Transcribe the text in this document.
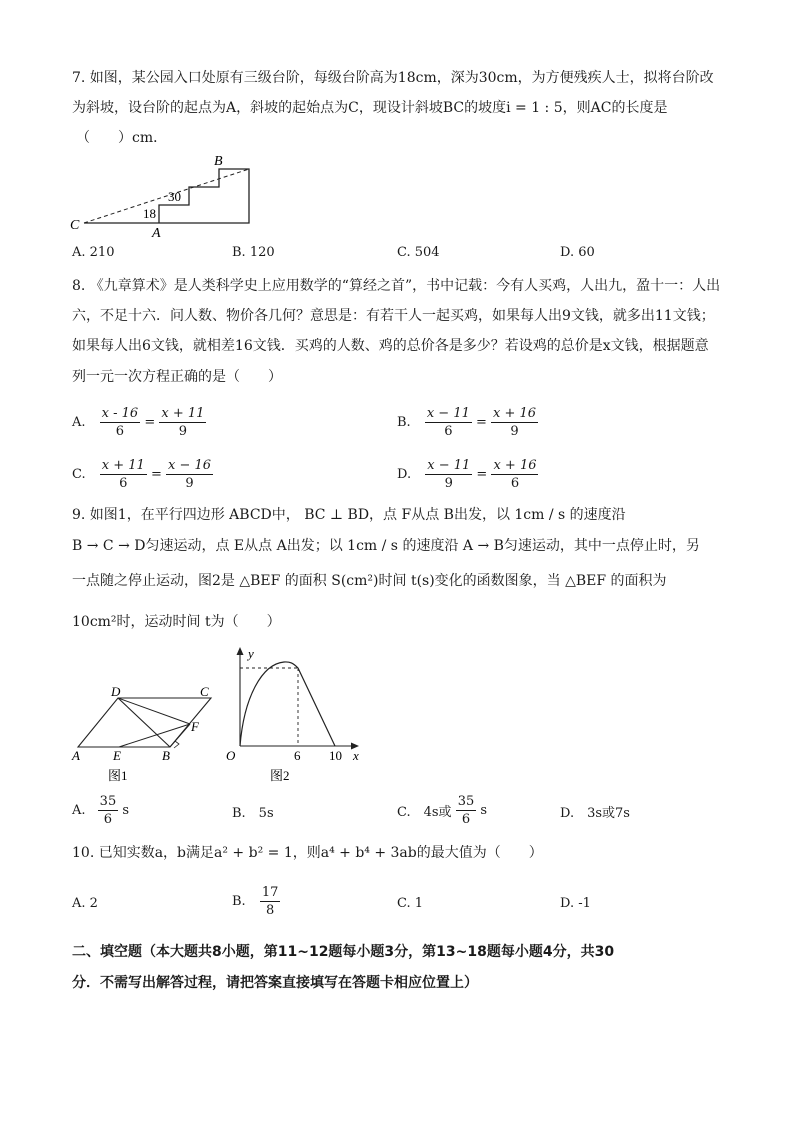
7. 如图，某公园入口处原有三级台阶，每级台阶高为18cm，深为30cm，为方便残疾人士，拟将台阶改
为斜坡，设台阶的起点为A，斜坡的起始点为C，现设计斜坡BC的坡度i = 1 : 5，则AC的长度是
（　　）cm．
B
C
A
30
18
A. 210	B. 120	C. 504	D. 60
8. 《九章算术》是人类科学史上应用数学的“算经之首”，书中记载：今有人买鸡，人出九，盈十一：人出
六，不足十六．问人数、物价各几何？意思是：有若干人一起买鸡，如果每人出9文钱，就多出11文钱；
如果每人出6文钱，就相差16文钱．买鸡的人数、鸡的总价各是多少？若设鸡的总价是x文钱，根据题意
列一元一次方程正确的是（　　）
A. $\frac{x - 16}{6} = \frac{x + 11}{9}$	B. $\frac{x - 11}{6} = \frac{x + 16}{9}$
C. $\frac{x + 11}{6} = \frac{x - 16}{9}$	D. $\frac{x - 11}{9} = \frac{x + 16}{6}$
9. 如图1，在平行四边形 ABCD中， BC ⊥ BD，点 F从点 B出发，以 1cm / s 的速度沿
B → C → D匀速运动，点 E从点 A出发；以 1cm / s 的速度沿 A → B匀速运动，其中一点停止时，另
一点随之停止运动，图2是 △BEF 的面积 S(cm²)时间 t(s)变化的函数图象，当 △BEF 的面积为
10cm²时，运动时间 t为（　　）
A	B
C
D
E
F
图1
y
x
O	6 10
图2
A. $\frac{35}{6}$ s	B.　5s	C.　4s或 $\frac{35}{6}$ s	D.　3s或7s
10. 已知实数a，b满足a² + b² = 1，则a⁴ + b⁴ + 3ab的最大值为（　　）
A. 2	B. $\frac{17}{8}$	C. 1	D. -1
二、填空题（本大题共8小题，第11~12题每小题3分，第13~18题每小题4分，共30
分．不需写出解答过程，请把答案直接填写在答题卡相应位置上）
